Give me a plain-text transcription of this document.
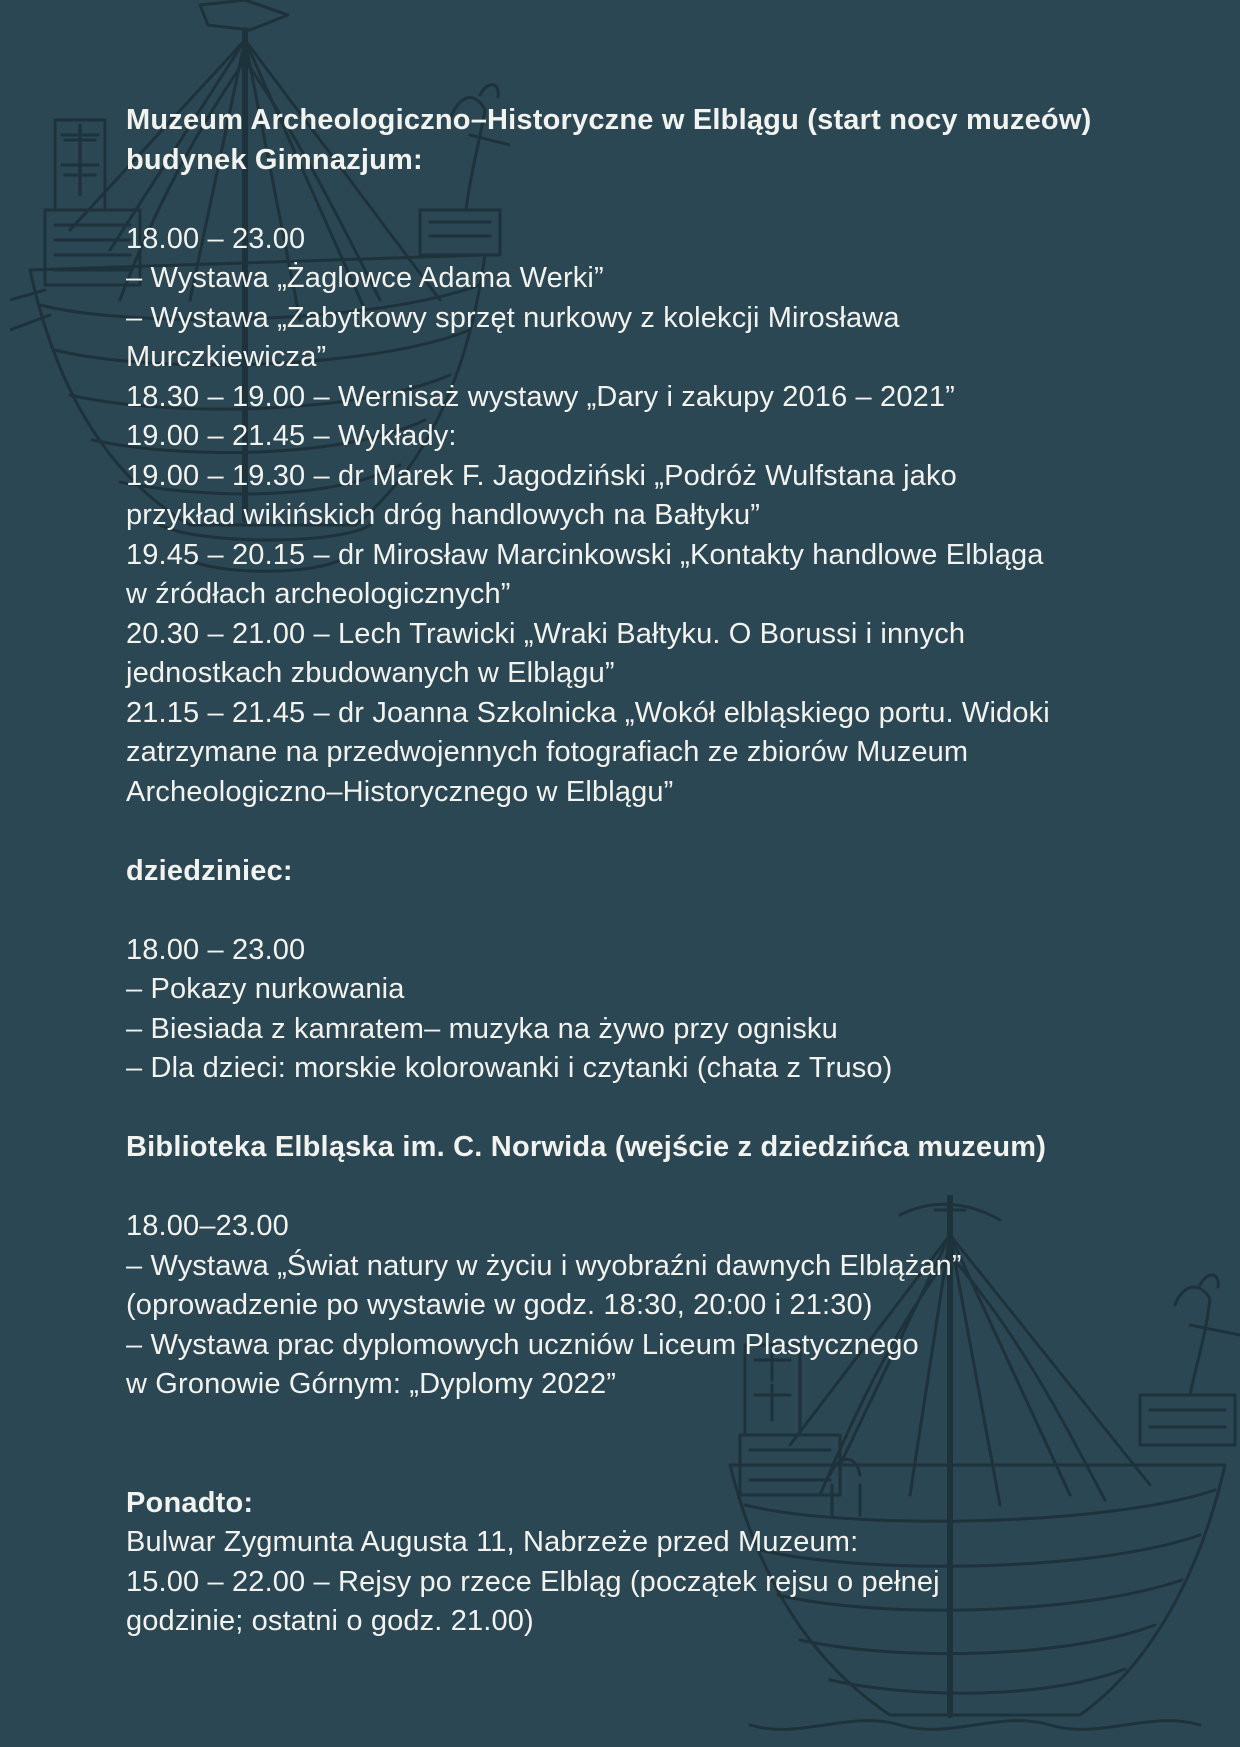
Muzeum Archeologiczno–Historyczne w Elblągu (start nocy muzeów)
budynek Gimnazjum:
18.00 – 23.00
– Wystawa „Żaglowce Adama Werki”
– Wystawa „Zabytkowy sprzęt nurkowy z kolekcji Mirosława
Murczkiewicza”
18.30 – 19.00 – Wernisaż wystawy „Dary i zakupy 2016 – 2021”
19.00 – 21.45 – Wykłady:
19.00 – 19.30 – dr Marek F. Jagodziński „Podróż Wulfstana jako
przykład wikińskich dróg handlowych na Bałtyku”
19.45 – 20.15 – dr Mirosław Marcinkowski „Kontakty handlowe Elbląga
w źródłach archeologicznych”
20.30 – 21.00 – Lech Trawicki „Wraki Bałtyku. O Borussi i innych
jednostkach zbudowanych w Elblągu”
21.15 – 21.45 – dr Joanna Szkolnicka „Wokół elbląskiego portu. Widoki
zatrzymane na przedwojennych fotografiach ze zbiorów Muzeum
Archeologiczno–Historycznego w Elblągu”
dziedziniec:
18.00 – 23.00
– Pokazy nurkowania
– Biesiada z kamratem– muzyka na żywo przy ognisku
– Dla dzieci: morskie kolorowanki i czytanki (chata z Truso)
Biblioteka Elbląska im. C. Norwida (wejście z dziedzińca muzeum)
18.00–23.00
– Wystawa „Świat natury w życiu i wyobraźni dawnych Elblążan”
(oprowadzenie po wystawie w godz. 18:30, 20:00 i 21:30)
– Wystawa prac dyplomowych uczniów Liceum Plastycznego
w Gronowie Górnym: „Dyplomy 2022”
Ponadto:
Bulwar Zygmunta Augusta 11, Nabrzeże przed Muzeum:
15.00 – 22.00 – Rejsy po rzece Elbląg (początek rejsu o pełnej
godzinie; ostatni o godz. 21.00)
